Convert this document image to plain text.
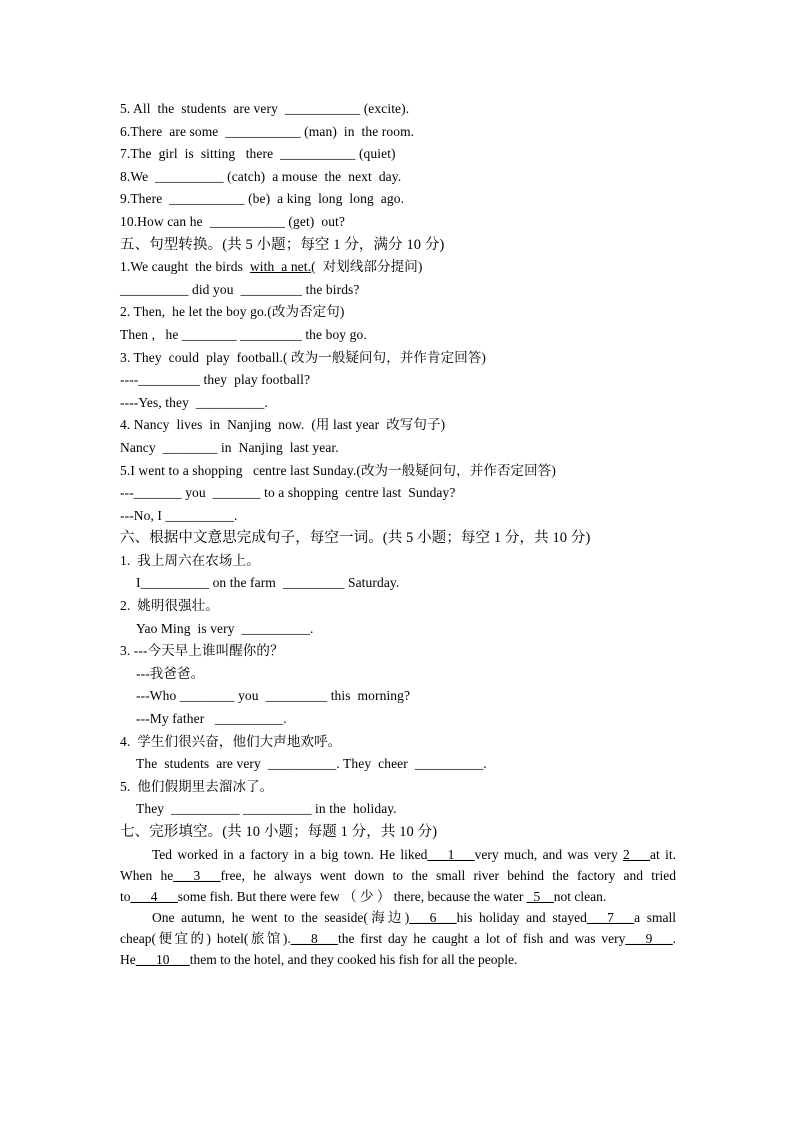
5. All  the  students  are very  ___________ (excite).
6.There  are some  ___________ (man)  in  the room.
7.The  girl  is  sitting   there  ___________ (quiet)
8.We  __________ (catch)  a mouse  the  next  day.
9.There  ___________ (be)  a king  long  long  ago.
10.How can he  ___________ (get)  out?
五、句型转换。(共 5 小题；每空 1 分，满分 10 分)
1.We caught  the birds  with  a net.(  对划线部分提问)
__________ did you  _________ the birds?
2. Then,  he let the boy go.(改为否定句)
Then ,   he ________ _________ the boy go.
3. They  could  play  football.( 改为一般疑问句，并作肯定回答)
----_________ they  play football?
----Yes, they  __________.
4. Nancy  lives  in  Nanjing  now.  (用 last year  改写句子)
Nancy  ________ in  Nanjing  last year.
5.I went to a shopping   centre last Sunday.(改为一般疑问句，并作否定回答)
---_______ you  _______ to a shopping  centre last  Sunday?
---No, I __________.
六、根据中文意思完成句子，每空一词。(共 5 小题；每空 1 分，共 10 分)
1.  我上周六在农场上。
I__________ on the farm  _________ Saturday.
2.  姚明很强壮。
Yao Ming  is very  __________.
3. ---今天早上谁叫醒你的？
---我爸爸。
---Who ________ you  _________ this  morning?
---My father   __________.
4.  学生们很兴奋，他们大声地欢呼。
The  students  are very  __________. They  cheer  __________.
5.  他们假期里去溜冰了。
They  __________ __________ in the  holiday.
七、完形填空。(共 10 小题；每题 1 分，共 10 分)

Ted worked in a factory in a big town. He liked___1___very much, and was very 2___at it. When he___3___free, he always went down to the small river behind the factory and tried to___4___some fish. But there were few （ 少 ） there, because the water _5__not clean.

One autumn, he went to the seaside(海边)___6___his holiday and stayed___7___a small cheap(便宜的) hotel(旅馆).___8___the first day he caught a lot of fish and was very___9___. He___10___them to the hotel, and they cooked his fish for all the people.
